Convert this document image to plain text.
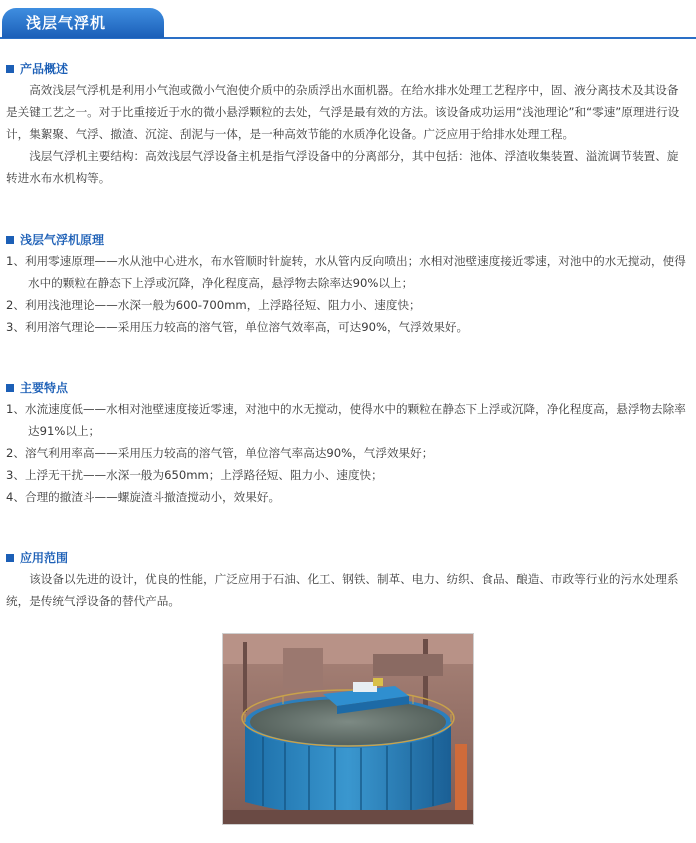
浅层气浮机
产品概述

高效浅层气浮机是利用小气泡或微小气泡使介质中的杂质浮出水面机器。在给水排水处理工艺程序中，固、液分离技术及其设备是关键工艺之一。对于比重接近于水的微小悬浮颗粒的去处，气浮是最有效的方法。该设备成功运用“浅池理论”和“零速”原理进行设计，集絮聚、气浮、撤渣、沉淀、刮泥与一体，是一种高效节能的水质净化设备。广泛应用于给排水处理工程。

浅层气浮机主要结构：高效浅层气浮设备主机是指气浮设备中的分离部分，其中包括：池体、浮渣收集装置、溢流调节装置、旋转进水布水机构等。

浅层气浮机原理

1、利用零速原理——水从池中心进水，布水管顺时针旋转，水从管内反向喷出；水相对池壁速度接近零速，对池中的水无搅动，使得水中的颗粒在静态下上浮或沉降，净化程度高，悬浮物去除率达90%以上；

2、利用浅池理论——水深一般为600-700mm，上浮路径短、阻力小、速度快；

3、利用溶气理论——采用压力较高的溶气管，单位溶气效率高，可达90%，气浮效果好。

主要特点

1、水流速度低——水相对池壁速度接近零速，对池中的水无搅动，使得水中的颗粒在静态下上浮或沉降，净化程度高，悬浮物去除率达91%以上；

2、溶气利用率高——采用压力较高的溶气管，单位溶气率高达90%，气浮效果好；

3、上浮无干扰——水深一般为650mm；上浮路径短、阻力小、速度快；

4、合理的撤渣斗——螺旋渣斗撤渣搅动小，效果好。

应用范围

该设备以先进的设计，优良的性能，广泛应用于石油、化工、钢铁、制革、电力、纺织、食品、酿造、市政等行业的污水处理系统，是传统气浮设备的替代产品。
